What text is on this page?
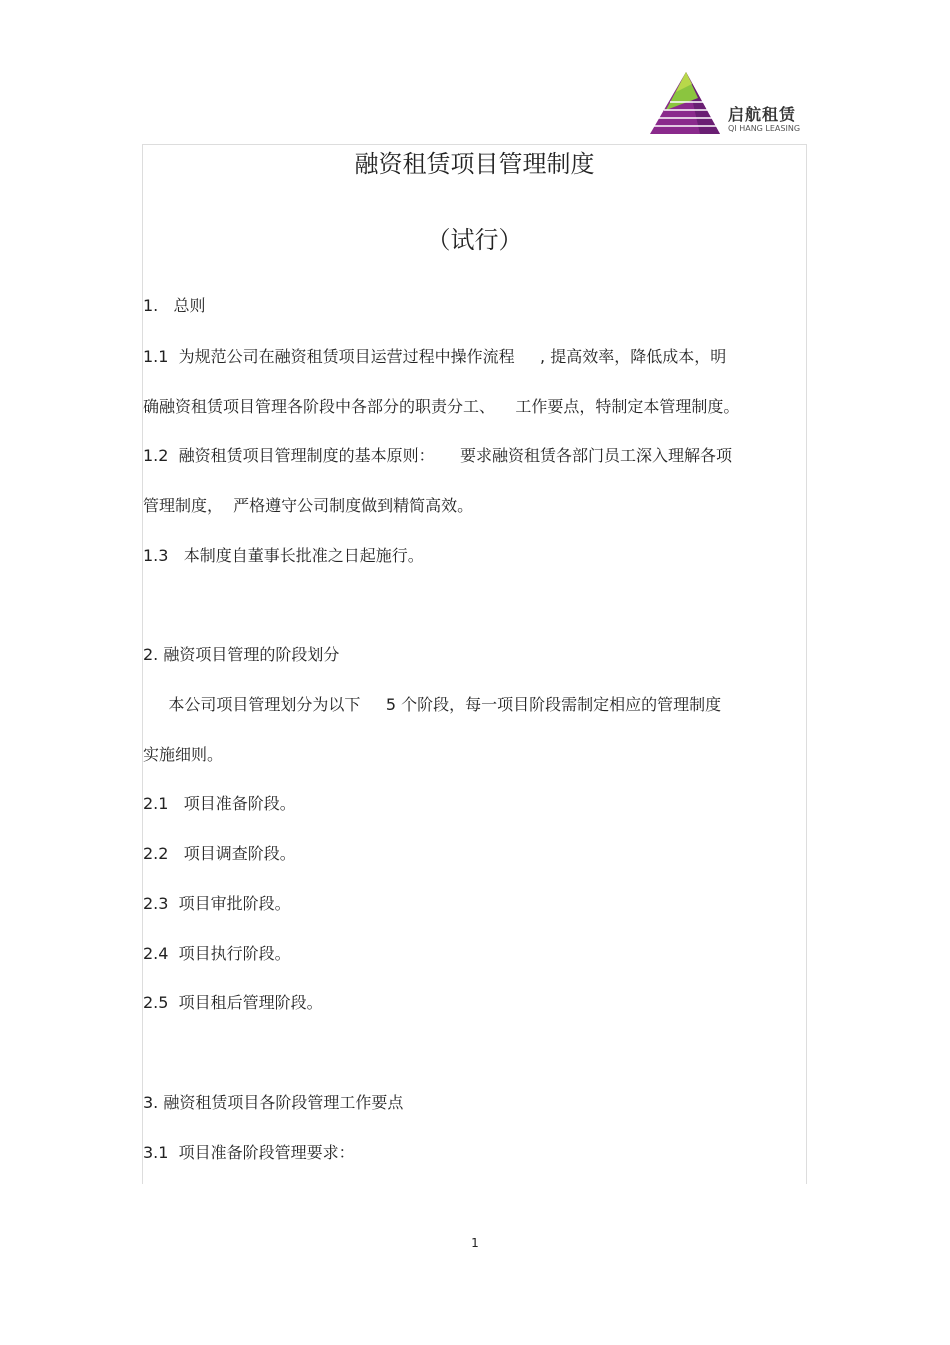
启航租赁
QI HANG LEASING
融资租赁项目管理制度
（试行）
1.   总则
1.1  为规范公司在融资租赁项目运营过程中操作流程     , 提高效率，降低成本，明
确融资租赁项目管理各阶段中各部分的职责分工、    工作要点，特制定本管理制度。
1.2  融资租赁项目管理制度的基本原则：     要求融资租赁各部门员工深入理解各项
管理制度，  严格遵守公司制度做到精简高效。
1.3   本制度自董事长批准之日起施行。
2. 融资项目管理的阶段划分
本公司项目管理划分为以下     5 个阶段，每一项目阶段需制定相应的管理制度
实施细则。
2.1   项目准备阶段。
2.2   项目调查阶段。
2.3  项目审批阶段。
2.4  项目执行阶段。
2.5  项目租后管理阶段。
3. 融资租赁项目各阶段管理工作要点
3.1  项目准备阶段管理要求：
1
